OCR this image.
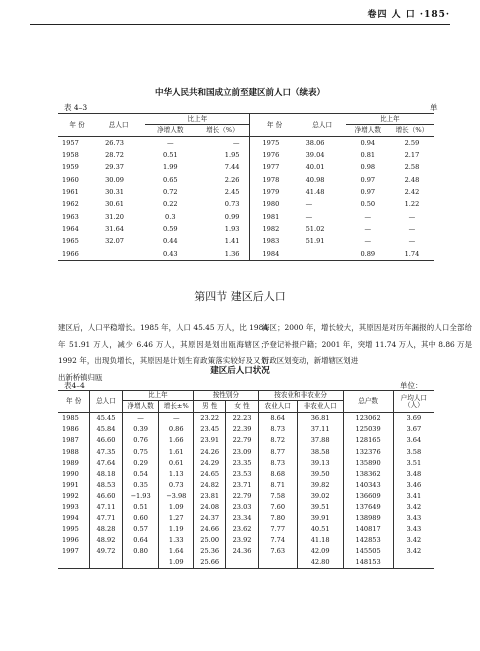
卷四 人 口 ·185·
中华人民共和国成立前至建区前人口（续表）
表 4–3	单
年 份	总人口	比上年		年 份	总人口	比上年	
		净增人数	增长（%）			净增人数	增长（%）
1957	26.73	—	—	1975	38.06	0.94	2.59
1958	28.72	0.51	1.95	1976	39.04	0.81	2.17
1959	29.37	1.99	7.44	1977	40.01	0.98	2.58
1960	30.09	0.65	2.26	1978	40.98	0.97	2.48
1961	30.31	0.72	2.45	1979	41.48	0.97	2.42
1962	30.61	0.22	0.73	1980	—	0.50	1.22
1963	31.20	0.3	0.99	1981	—	—	—
1964	31.64	0.59	1.93	1982	51.02	—	—
1965	32.07	0.44	1.41	1983	51.91	—	—
1966		0.43	1.36	1984		0.89	1.74
第四节 建区后人口
建区后，人口平稳增长。1985 年，人口 45.45 万人，比 1984 年 51.91 万人，减少 6.46 万人，其原因是划出瓯海辖区；1992 年，出现负增长，其原因是计划生育政策落实较好及又划出新桥镇归瓯
海区；2000 年，增长较大，其原因是对历年漏报的人口全部给予登记补报户籍；2001 年，突增 11.74 万人，其中 8.86 万是行政区划变动，新增辖区划进
建区后人口状况
表4–4	单位：
年 份	总人口	比上年		按性别分		按农业和非农业分		总户数	户均人口
（人）
		净增人数	增长±%	男 性	女 性	农业人口	非农业人口		
1985	45.45	—	—	23.22	22.23	8.64	36.81	123062	3.69
1986	45.84	0.39	0.86	23.45	22.39	8.73	37.11	125039	3.67
1987	46.60	0.76	1.66	23.91	22.79	8.72	37.88	128165	3.64
1988	47.35	0.75	1.61	24.26	23.09	8.77	38.58	132376	3.58
1989	47.64	0.29	0.61	24.29	23.35	8.73	39.13	135890	3.51
1990	48.18	0.54	1.13	24.65	23.53	8.68	39.50	138362	3.48
1991	48.53	0.35	0.73	24.82	23.71	8.71	39.82	140343	3.46
1992	46.60	−1.93	−3.98	23.81	22.79	7.58	39.02	136609	3.41
1993	47.11	0.51	1.09	24.08	23.03	7.60	39.51	137649	3.42
1994	47.71	0.60	1.27	24.37	23.34	7.80	39.91	138989	3.43
1995	48.28	0.57	1.19	24.66	23.62	7.77	40.51	140817	3.43
1996	48.92	0.64	1.33	25.00	23.92	7.74	41.18	142853	3.42
1997	49.72	0.80	1.64	25.36	24.36	7.63	42.09	145505	3.42
			1.09	25.66			42.80	148153	
